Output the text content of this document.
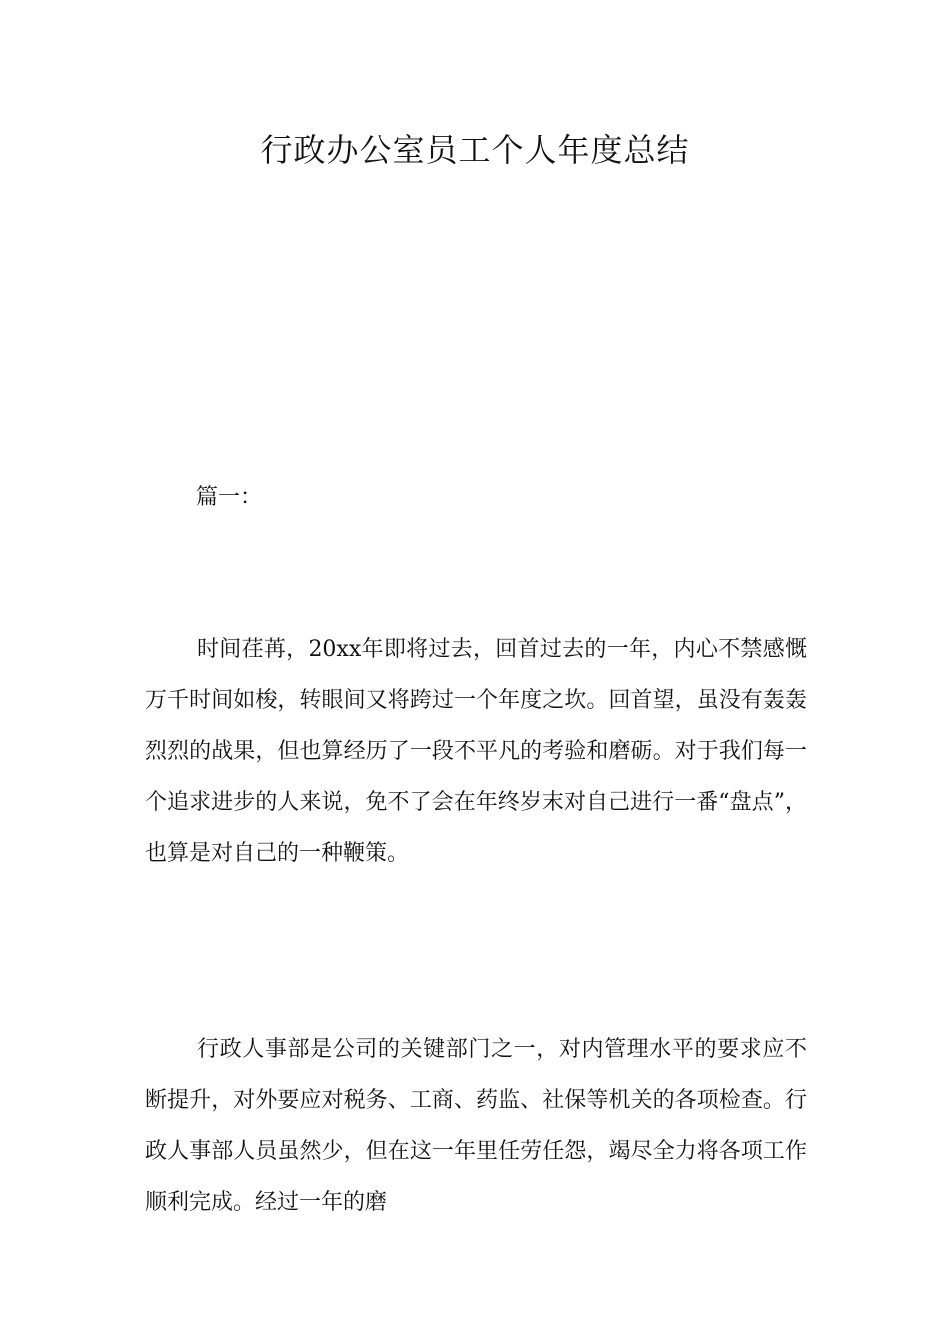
行政办公室员工个人年度总结

篇一：

时间荏苒，20xx年即将过去，回首过去的一年，内心不禁感慨万千时间如梭，转眼间又将跨过一个年度之坎。回首望，虽没有轰轰烈烈的战果，但也算经历了一段不平凡的考验和磨砺。对于我们每一个追求进步的人来说，免不了会在年终岁末对自己进行一番“盘点”，也算是对自己的一种鞭策。

行政人事部是公司的关键部门之一，对内管理水平的要求应不断提升，对外要应对税务、工商、药监、社保等机关的各项检查。行政人事部人员虽然少，但在这一年里任劳任怨，竭尽全力将各项工作顺利完成。经过一年的磨
